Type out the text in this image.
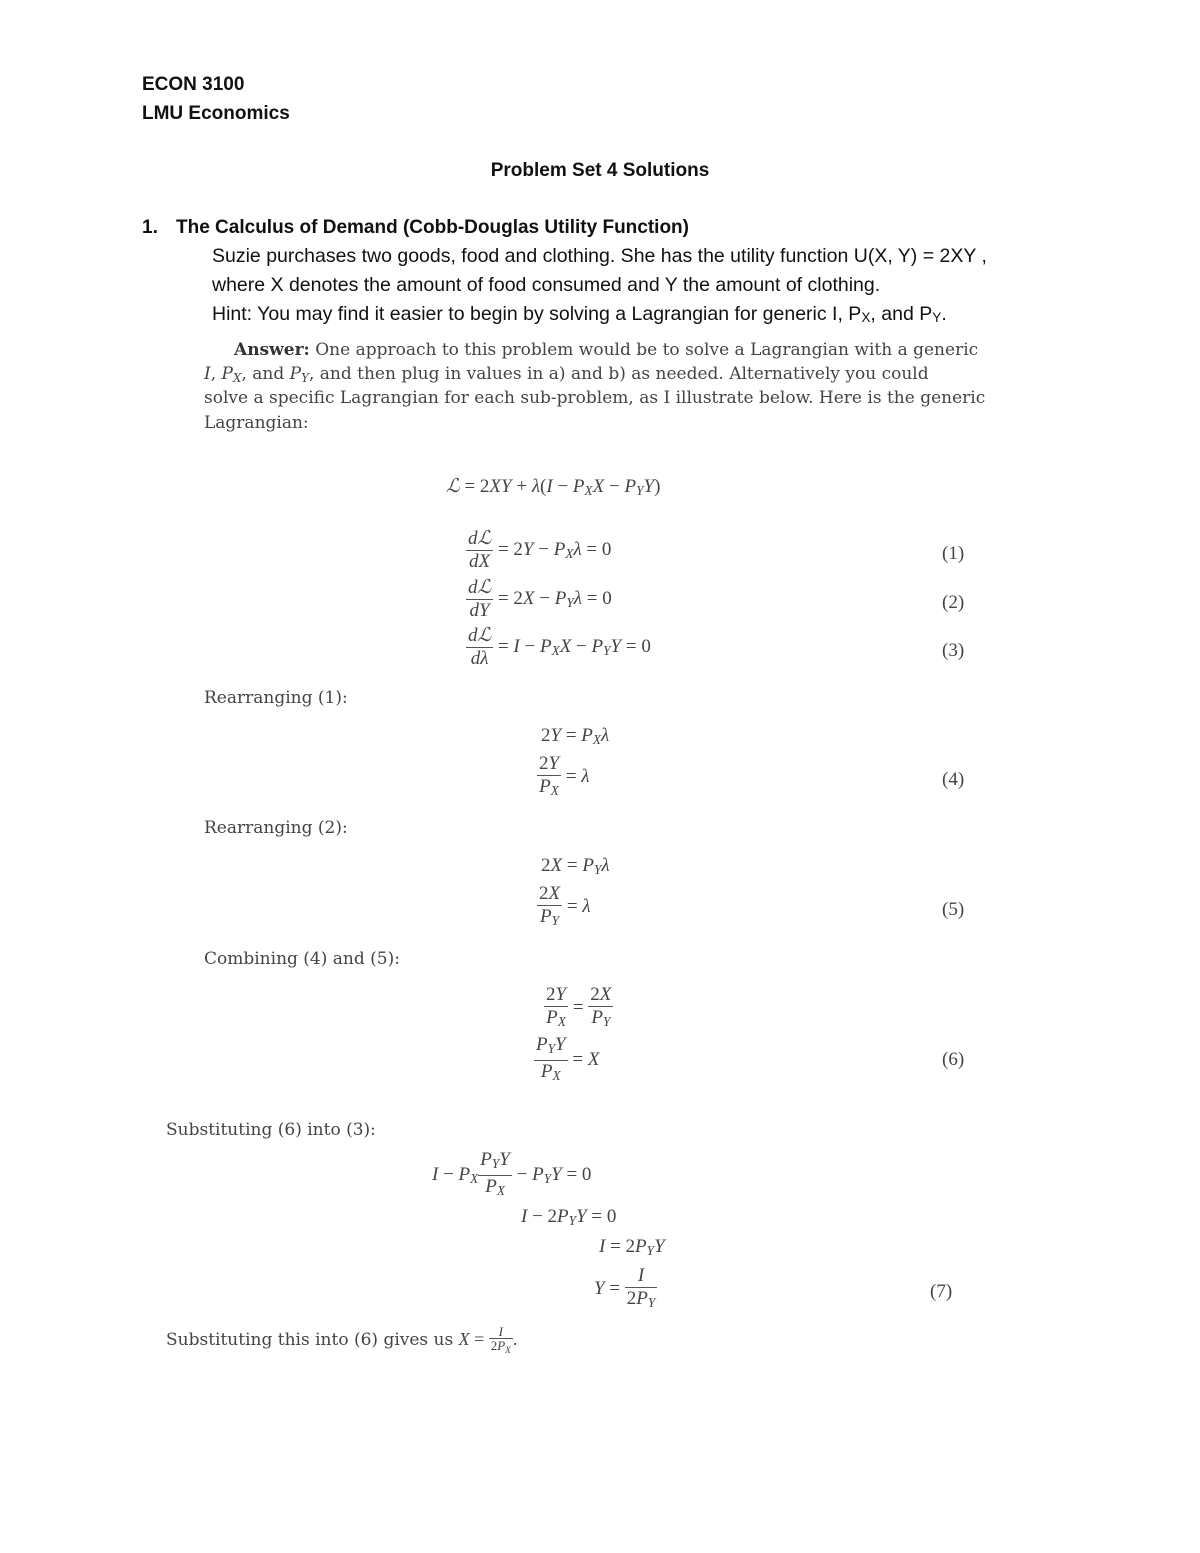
ECON 3100
LMU Economics
Problem Set 4 Solutions
1. The Calculus of Demand (Cobb-Douglas Utility Function)
Suzie purchases two goods, food and clothing. She has the utility function U(X, Y) = 2XY ,
where X denotes the amount of food consumed and Y the amount of clothing.
Hint: You may find it easier to begin by solving a Lagrangian for generic I, PX, and PY.
Answer: One approach to this problem would be to solve a Lagrangian with a generic
I, $P_X$, and $P_Y$, and then plug in values in a) and b) as needed. Alternatively you could
solve a specific Lagrangian for each sub-problem, as I illustrate below. Here is the generic
Lagrangian:
ℒ = $2XY + \lambda(I - P_XX - P_YY)$
$\frac{\text{dℒ}}{dX} = 2Y - P_X\lambda = 0$	(1)
$\frac{\text{dℒ}}{dY} = 2X - P_Y\lambda = 0$	(2)
$\frac{\text{dℒ}}{d\lambda} = I - P_XX - P_YY = 0$	(3)
Rearranging (1):
$2Y = P_X\lambda$
$\frac{2Y}{P_X} = \lambda$	(4)
Rearranging (2):
$2X = P_Y\lambda$
$\frac{2X}{P_Y} = \lambda$	(5)
Combining (4) and (5):
$\frac{2Y}{P_X} = \frac{2X}{P_Y}$
$\frac{P_YY}{P_X} = X$	(6)
Substituting (6) into (3):
$I - P_X \frac{P_YY}{P_X} - P_YY = 0$
$I - 2P_YY = 0$
$I = 2P_YY$
$Y = \frac{I}{2P_Y}$	(7)
Substituting this into (6) gives us $X = \frac{I}{2P_X}$ .
